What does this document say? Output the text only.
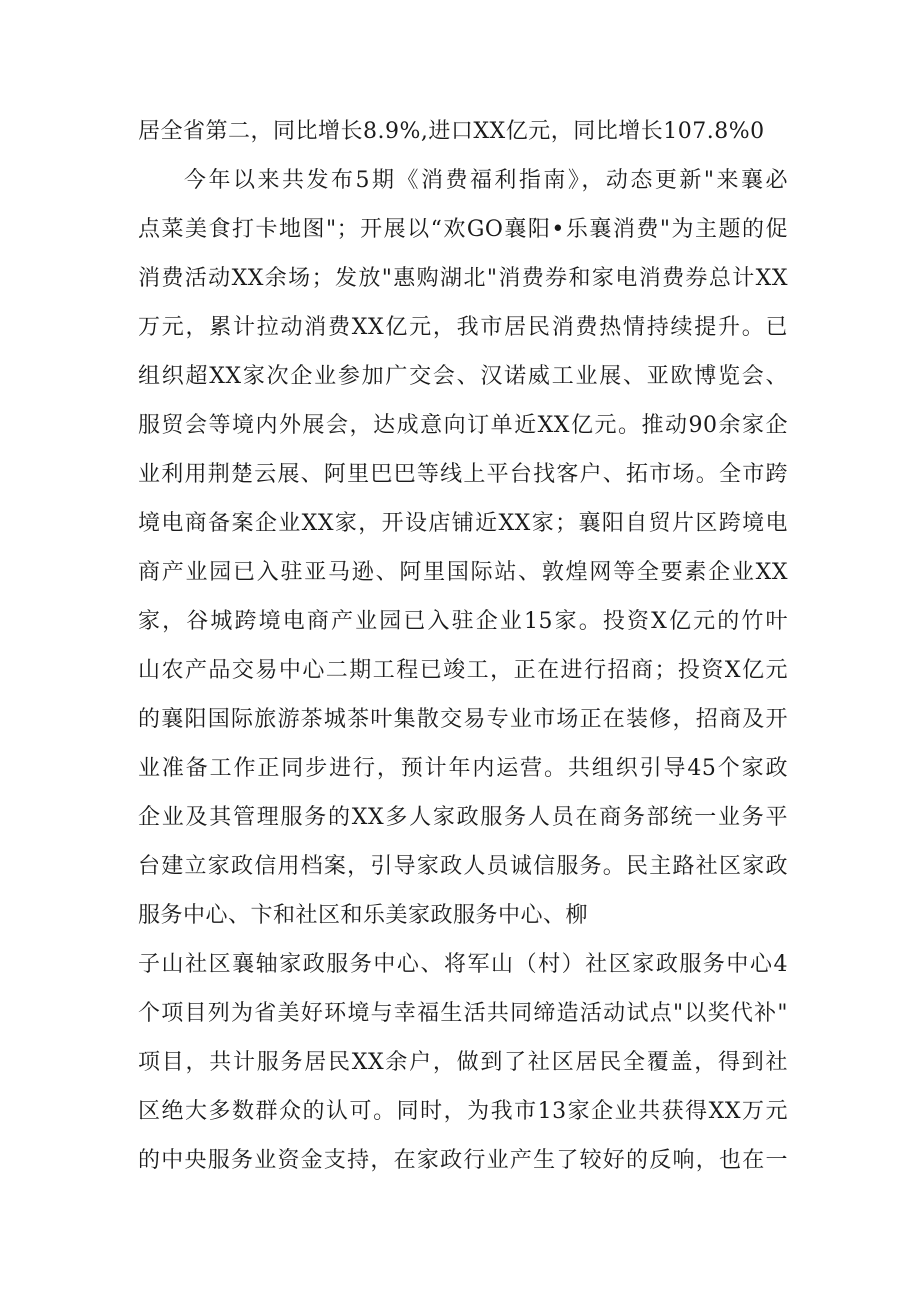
居全省第二，同比增长8.9%,进口XX亿元，同比增长107.8%0
今年以来共发布5期《消费福利指南》，动态更新"来襄必
点菜美食打卡地图"；开展以“欢GO襄阳•乐襄消费"为主题的促
消费活动XX余场；发放"惠购湖北"消费券和家电消费券总计XX
万元，累计拉动消费XX亿元，我市居民消费热情持续提升。已
组织超XX家次企业参加广交会、汉诺威工业展、亚欧博览会、
服贸会等境内外展会，达成意向订单近XX亿元。推动90余家企
业利用荆楚云展、阿里巴巴等线上平台找客户、拓市场。全市跨
境电商备案企业XX家，开设店铺近XX家；襄阳自贸片区跨境电
商产业园已入驻亚马逊、阿里国际站、敦煌网等全要素企业XX
家，谷城跨境电商产业园已入驻企业15家。投资X亿元的竹叶
山农产品交易中心二期工程已竣工，正在进行招商；投资X亿元
的襄阳国际旅游茶城茶叶集散交易专业市场正在装修，招商及开
业准备工作正同步进行，预计年内运营。共组织引导45个家政
企业及其管理服务的XX多人家政服务人员在商务部统一业务平
台建立家政信用档案，引导家政人员诚信服务。民主路社区家政
服务中心、卞和社区和乐美家政服务中心、柳
子山社区襄轴家政服务中心、将军山（村）社区家政服务中心4
个项目列为省美好环境与幸福生活共同缔造活动试点"以奖代补"
项目，共计服务居民XX余户，做到了社区居民全覆盖，得到社
区绝大多数群众的认可。同时，为我市13家企业共获得XX万元
的中央服务业资金支持，在家政行业产生了较好的反响，也在一
